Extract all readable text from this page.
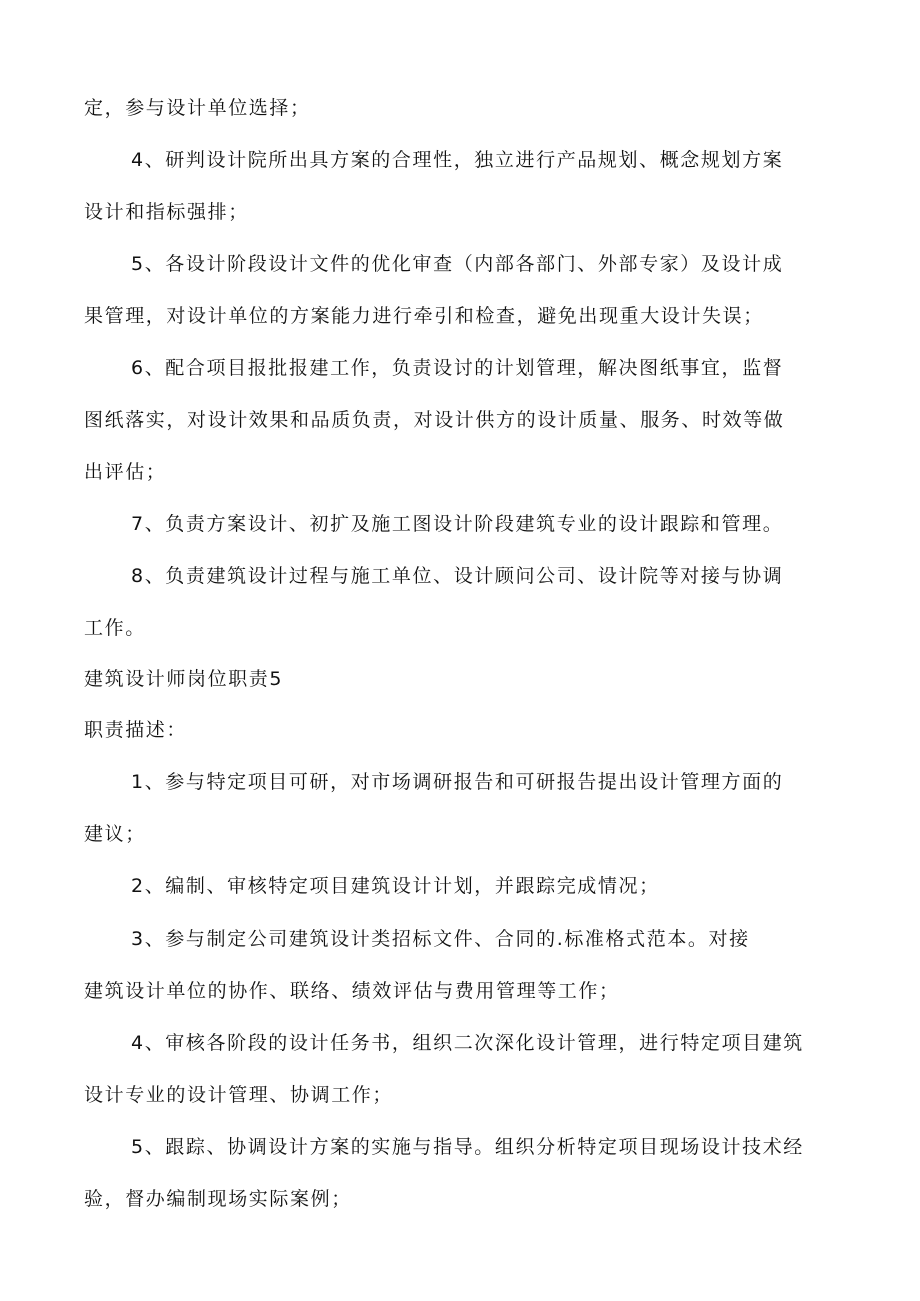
定，参与设计单位选择；
4、研判设计院所出具方案的合理性，独立进行产品规划、概念规划方案
设计和指标强排；
5、各设计阶段设计文件的优化审查（内部各部门、外部专家）及设计成
果管理，对设计单位的方案能力进行牵引和检查，避免出现重大设计失误；
6、配合项目报批报建工作，负责设讨的计划管理，解决图纸事宜，监督
图纸落实，对设计效果和品质负责，对设计供方的设计质量、服务、时效等做
出评估；
7、负责方案设计、初扩及施工图设计阶段建筑专业的设计跟踪和管理。
8、负责建筑设计过程与施工单位、设计顾问公司、设计院等对接与协调
工作。
建筑设计师岗位职责5
职责描述：
1、参与特定项目可研，对市场调研报告和可研报告提出设计管理方面的
建议；
2、编制、审核特定项目建筑设计计划，并跟踪完成情况；
3、参与制定公司建筑设计类招标文件、合同的.标准格式范本。对接
建筑设计单位的协作、联络、绩效评估与费用管理等工作；
4、审核各阶段的设计任务书，组织二次深化设计管理，进行特定项目建筑
设计专业的设计管理、协调工作；
5、跟踪、协调设计方案的实施与指导。组织分析特定项目现场设计技术经
验，督办编制现场实际案例；
